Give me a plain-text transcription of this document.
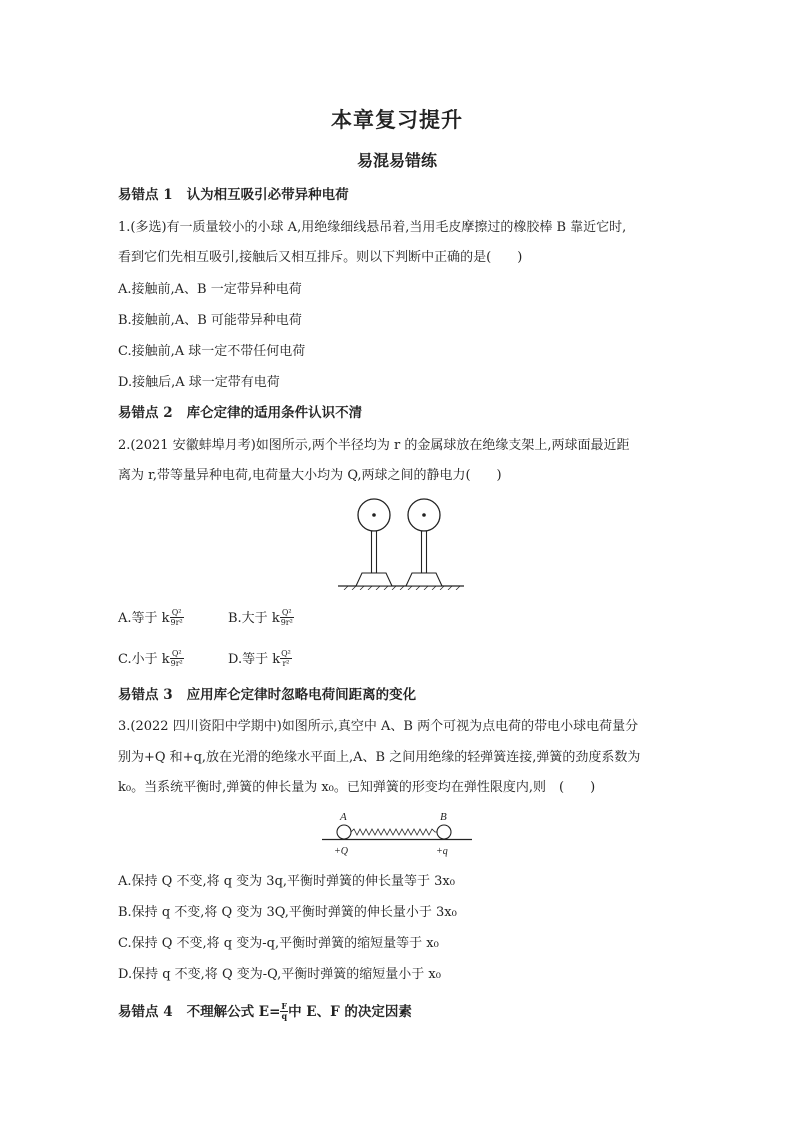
本章复习提升
易混易错练
易错点 1 认为相互吸引必带异种电荷
1.(多选)有一质量较小的小球 A,用绝缘细线悬吊着,当用毛皮摩擦过的橡胶棒 B 靠近它时,
看到它们先相互吸引,接触后又相互排斥。则以下判断中正确的是(　　)
A.接触前,A、B 一定带异种电荷
B.接触前,A、B 可能带异种电荷
C.接触前,A 球一定不带任何电荷
D.接触后,A 球一定带有电荷
易错点 2 库仑定律的适用条件认识不清
2.(2021 安徽蚌埠月考)如图所示,两个半径均为 r 的金属球放在绝缘支架上,两球面最近距
离为 r,带等量异种电荷,电荷量大小均为 Q,两球之间的静电力(　　)
A.等于 k $\frac{\text{Q²}}{\text{9r²}}$	B.大于 k $\frac{\text{Q²}}{\text{9r²}}$
C.小于 k $\frac{\text{Q²}}{\text{9r²}}$	D.等于 k $\frac{\text{Q²}}{\text{r²}}$
易错点 3 应用库仑定律时忽略电荷间距离的变化
3.(2022 四川资阳中学期中)如图所示,真空中 A、B 两个可视为点电荷的带电小球电荷量分
别为+Q 和+q,放在光滑的绝缘水平面上,A、B 之间用绝缘的轻弹簧连接,弹簧的劲度系数为
k₀。当系统平衡时,弹簧的伸长量为 x₀。已知弹簧的形变均在弹性限度内,则　(　　)
A	B
+Q	+q
A.保持 Q 不变,将 q 变为 3q,平衡时弹簧的伸长量等于 3x₀
B.保持 q 不变,将 Q 变为 3Q,平衡时弹簧的伸长量小于 3x₀
C.保持 Q 不变,将 q 变为-q,平衡时弹簧的缩短量等于 x₀
D.保持 q 不变,将 Q 变为-Q,平衡时弹簧的缩短量小于 x₀
易错点 4 不理解公式 $E= \frac{F}{q}$ 中 E、F 的决定因素
